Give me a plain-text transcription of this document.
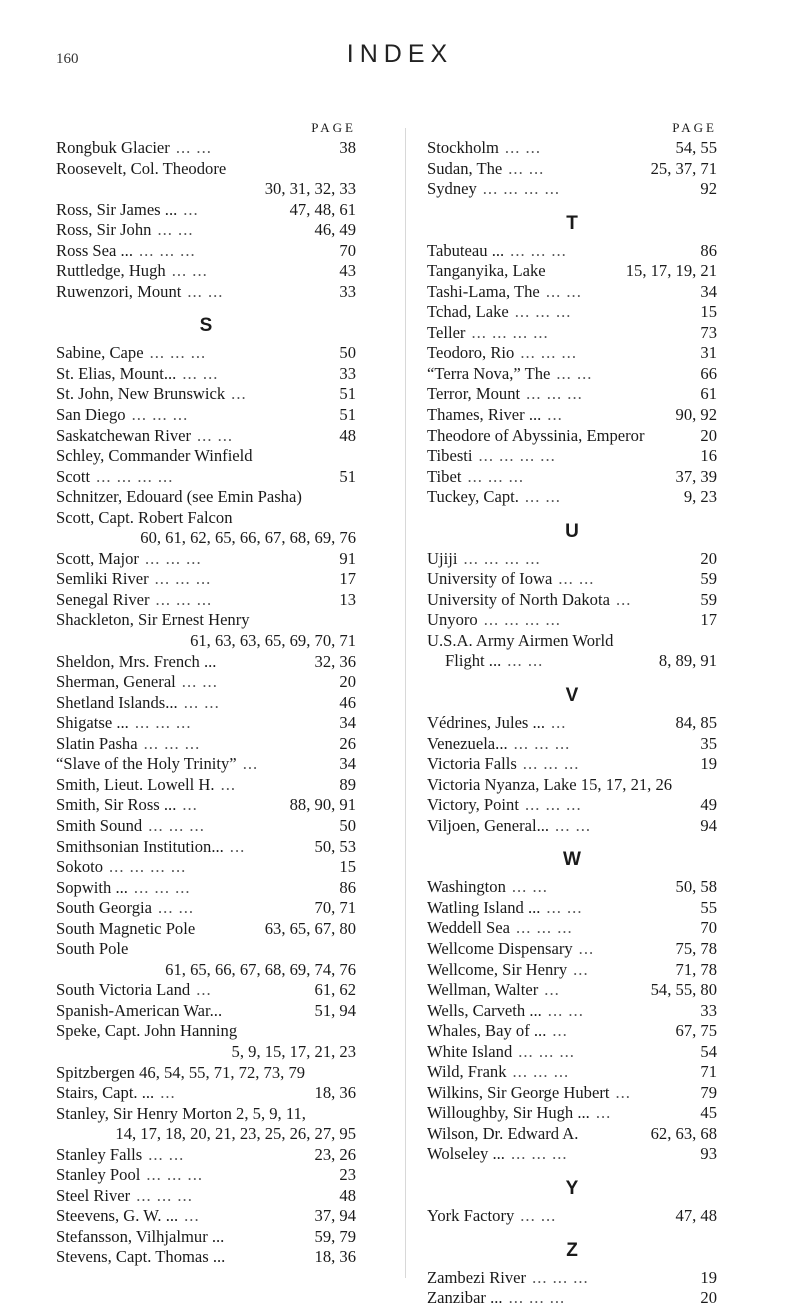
160	INDEX
PAGE
Rongbuk Glacier ... ...	38
Roosevelt, Col. Theodore
30, 31, 32, 33
Ross, Sir James ... ...	47, 48, 61
Ross, Sir John ... ...	46, 49
Ross Sea ... ... ... ...	70
Ruttledge, Hugh ... ...	43
Ruwenzori, Mount ... ...	33
S
Sabine, Cape ... ... ...	50
St. Elias, Mount... ... ...	33
St. John, New Brunswick ...	51
San Diego ... ... ...	51
Saskatchewan River ... ...	48
Schley, Commander Winfield
Scott ... ... ... ...	51
Schnitzer, Edouard (see Emin Pasha)
Scott, Capt. Robert Falcon
60, 61, 62, 65, 66, 67, 68, 69, 76
Scott, Major ... ... ...	91
Semliki River ... ... ...	17
Senegal River ... ... ...	13
Shackleton, Sir Ernest Henry
61, 63, 63, 65, 69, 70, 71
Sheldon, Mrs. French ...	32, 36
Sherman, General ... ...	20
Shetland Islands... ... ...	46
Shigatse ... ... ... ...	34
Slatin Pasha ... ... ...	26
“Slave of the Holy Trinity” ...	34
Smith, Lieut. Lowell H. ...	89
Smith, Sir Ross ... ...	88, 90, 91
Smith Sound ... ... ...	50
Smithsonian Institution... ...	50, 53
Sokoto ... ... ... ...	15
Sopwith ... ... ... ...	86
South Georgia ... ...	70, 71
South Magnetic Pole	63, 65, 67, 80
South Pole
61, 65, 66, 67, 68, 69, 74, 76
South Victoria Land ...	61, 62
Spanish-American War...	51, 94
Speke, Capt. John Hanning
5, 9, 15, 17, 21, 23
Spitzbergen 46, 54, 55, 71, 72, 73, 79
Stairs, Capt. ... ...	18, 36
Stanley, Sir Henry Morton 2, 5, 9, 11,
14, 17, 18, 20, 21, 23, 25, 26, 27, 95
Stanley Falls ... ...	23, 26
Stanley Pool ... ... ...	23
Steel River ... ... ...	48
Steevens, G. W. ... ...	37, 94
Stefansson, Vilhjalmur ...	59, 79
Stevens, Capt. Thomas ...	18, 36
PAGE
Stockholm ... ...	54, 55
Sudan, The ... ...	25, 37, 71
Sydney ... ... ... ...	92
T
Tabuteau ... ... ... ...	86
Tanganyika, Lake	15, 17, 19, 21
Tashi-Lama, The ... ...	34
Tchad, Lake ... ... ...	15
Teller ... ... ... ...	73
Teodoro, Rio ... ... ...	31
“Terra Nova,” The ... ...	66
Terror, Mount ... ... ...	61
Thames, River ... ...	90, 92
Theodore of Abyssinia, Emperor	20
Tibesti ... ... ... ...	16
Tibet ... ... ...	37, 39
Tuckey, Capt. ... ...	9, 23
U
Ujiji ... ... ... ...	20
University of Iowa ... ...	59
University of North Dakota ...	59
Unyoro ... ... ... ...	17
U.S.A. Army Airmen World
Flight ... ... ...	8, 89, 91
V
Védrines, Jules ... ...	84, 85
Venezuela... ... ... ...	35
Victoria Falls ... ... ...	19
Victoria Nyanza, Lake 15, 17, 21, 26
Victory, Point ... ... ...	49
Viljoen, General... ... ...	94
W
Washington ... ...	50, 58
Watling Island ... ... ...	55
Weddell Sea ... ... ...	70
Wellcome Dispensary ...	75, 78
Wellcome, Sir Henry ...	71, 78
Wellman, Walter ...	54, 55, 80
Wells, Carveth ... ... ...	33
Whales, Bay of ... ...	67, 75
White Island ... ... ...	54
Wild, Frank ... ... ...	71
Wilkins, Sir George Hubert ...	79
Willoughby, Sir Hugh ... ...	45
Wilson, Dr. Edward A.	62, 63, 68
Wolseley ... ... ... ...	93
Y
York Factory ... ...	47, 48
Z
Zambezi River ... ... ...	19
Zanzibar ... ... ... ...	20
